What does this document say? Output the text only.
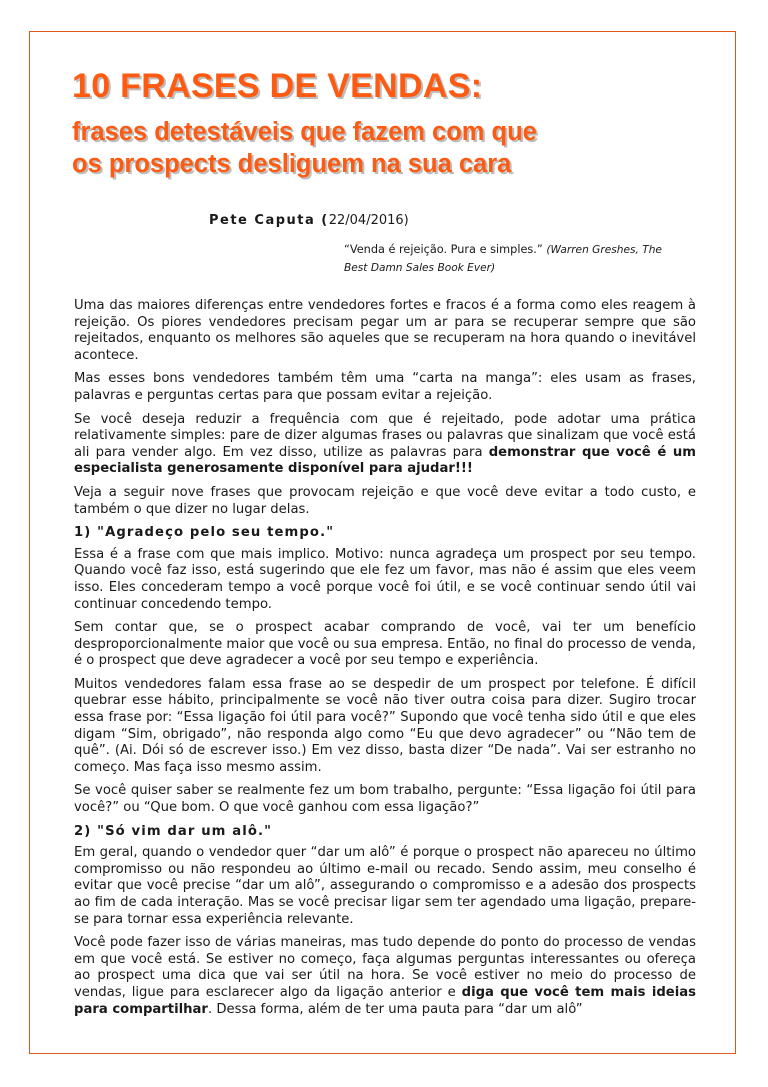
10 FRASES DE VENDAS:
frases detestáveis que fazem com que
os prospects desliguem na sua cara
Pete Caputa (22/04/2016)
“Venda é rejeição. Pura e simples.” (Warren Greshes, The Best Damn Sales Book Ever)

Uma das maiores diferenças entre vendedores fortes e fracos é a forma como eles reagem à rejeição. Os piores vendedores precisam pegar um ar para se recuperar sempre que são rejeitados, enquanto os melhores são aqueles que se recuperam na hora quando o inevitável acontece.

Mas esses bons vendedores também têm uma “carta na manga”: eles usam as frases, palavras e perguntas certas para que possam evitar a rejeição.

Se você deseja reduzir a frequência com que é rejeitado, pode adotar uma prática relativamente simples: pare de dizer algumas frases ou palavras que sinalizam que você está ali para vender algo. Em vez disso, utilize as palavras para demonstrar que você é um especialista generosamente disponível para ajudar!!!

Veja a seguir nove frases que provocam rejeição e que você deve evitar a todo custo, e também o que dizer no lugar delas.

1) "Agradeço pelo seu tempo."

Essa é a frase com que mais implico. Motivo: nunca agradeça um prospect por seu tempo. Quando você faz isso, está sugerindo que ele fez um favor, mas não é assim que eles veem isso. Eles concederam tempo a você porque você foi útil, e se você continuar sendo útil vai continuar concedendo tempo.

Sem contar que, se o prospect acabar comprando de você, vai ter um benefício desproporcionalmente maior que você ou sua empresa. Então, no final do processo de venda, é o prospect que deve agradecer a você por seu tempo e experiência.

Muitos vendedores falam essa frase ao se despedir de um prospect por telefone. É difícil quebrar esse hábito, principalmente se você não tiver outra coisa para dizer. Sugiro trocar essa frase por: “Essa ligação foi útil para você?” Supondo que você tenha sido útil e que eles digam “Sim, obrigado”, não responda algo como “Eu que devo agradecer” ou “Não tem de quê”. (Ai. Dói só de escrever isso.) Em vez disso, basta dizer “De nada”. Vai ser estranho no começo. Mas faça isso mesmo assim.

Se você quiser saber se realmente fez um bom trabalho, pergunte: “Essa ligação foi útil para você?” ou “Que bom. O que você ganhou com essa ligação?”

2) "Só vim dar um alô."

Em geral, quando o vendedor quer “dar um alô” é porque o prospect não apareceu no último compromisso ou não respondeu ao último e-mail ou recado. Sendo assim, meu conselho é evitar que você precise “dar um alô”, assegurando o compromisso e a adesão dos prospects ao fim de cada interação. Mas se você precisar ligar sem ter agendado uma ligação, prepare-se para tornar essa experiência relevante.

Você pode fazer isso de várias maneiras, mas tudo depende do ponto do processo de vendas em que você está. Se estiver no começo, faça algumas perguntas interessantes ou ofereça ao prospect uma dica que vai ser útil na hora. Se você estiver no meio do processo de vendas, ligue para esclarecer algo da ligação anterior e diga que você tem mais ideias para compartilhar. Dessa forma, além de ter uma pauta para “dar um alô”
